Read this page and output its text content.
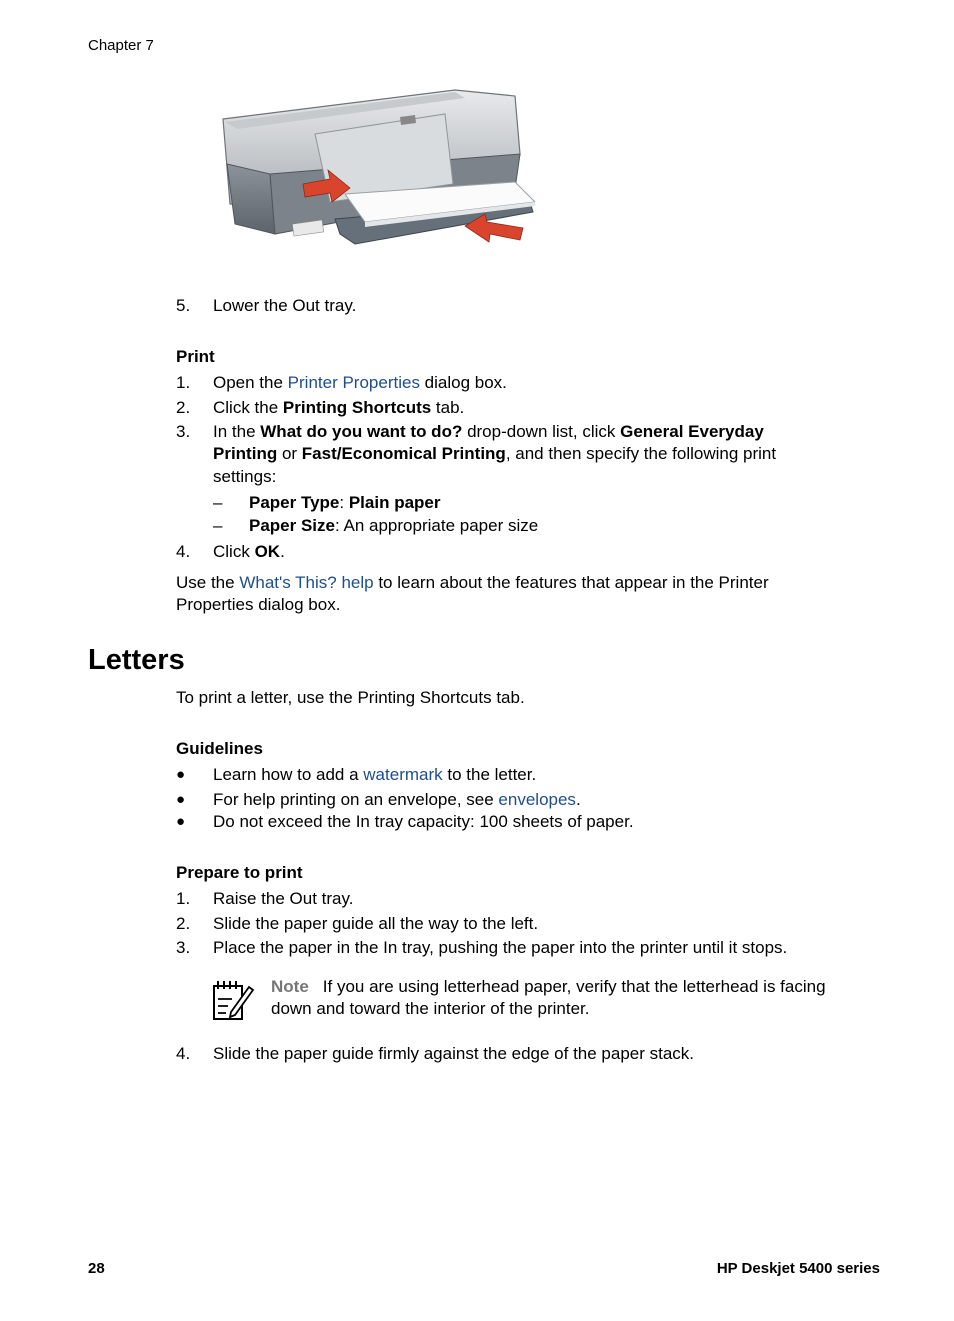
Chapter 7
5. Lower the Out tray.
Print
1. Open the Printer Properties dialog box.
2. Click the Printing Shortcuts tab.
3. In the What do you want to do? drop-down list, click General Everyday
Printing or Fast/Economical Printing, and then specify the following print
settings:
– Paper Type: Plain paper
– Paper Size: An appropriate paper size
4. Click OK.
Use the What's This? help to learn about the features that appear in the Printer
Properties dialog box.
Letters
To print a letter, use the Printing Shortcuts tab.
Guidelines
● Learn how to add a watermark to the letter.
● For help printing on an envelope, see envelopes.
● Do not exceed the In tray capacity: 100 sheets of paper.
Prepare to print
1. Raise the Out tray.
2. Slide the paper guide all the way to the left.
3. Place the paper in the In tray, pushing the paper into the printer until it stops.
Note If you are using letterhead paper, verify that the letterhead is facing
down and toward the interior of the printer.
4. Slide the paper guide firmly against the edge of the paper stack.
28	HP Deskjet 5400 series
